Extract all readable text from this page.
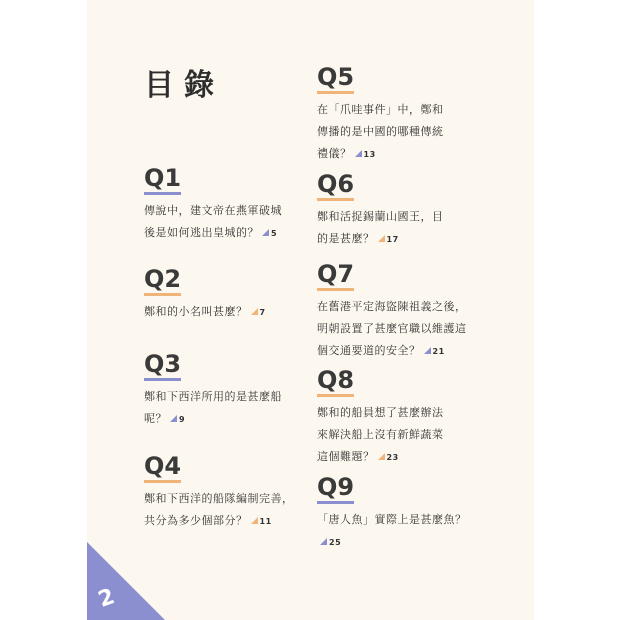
2
目錄
Q1
傳說中，建文帝在燕軍破城後是如何逃出皇城的？ 5
Q2
鄭和的小名叫甚麼？ 7
Q3
鄭和下西洋所用的是甚麼船呢？ 9
Q4
鄭和下西洋的船隊編制完善，共分為多少個部分？ 11
Q5
在「爪哇事件」中，鄭和傳播的是中國的哪種傳統禮儀？ 13
Q6
鄭和活捉錫蘭山國王，目的是甚麼？ 17
Q7
在舊港平定海盜陳祖義之後，明朝設置了甚麼官職以維護這個交通要道的安全？ 21
Q8
鄭和的船員想了甚麼辦法來解決船上沒有新鮮蔬菜這個難題？ 23
Q9
「唐人魚」實際上是甚麼魚？25
